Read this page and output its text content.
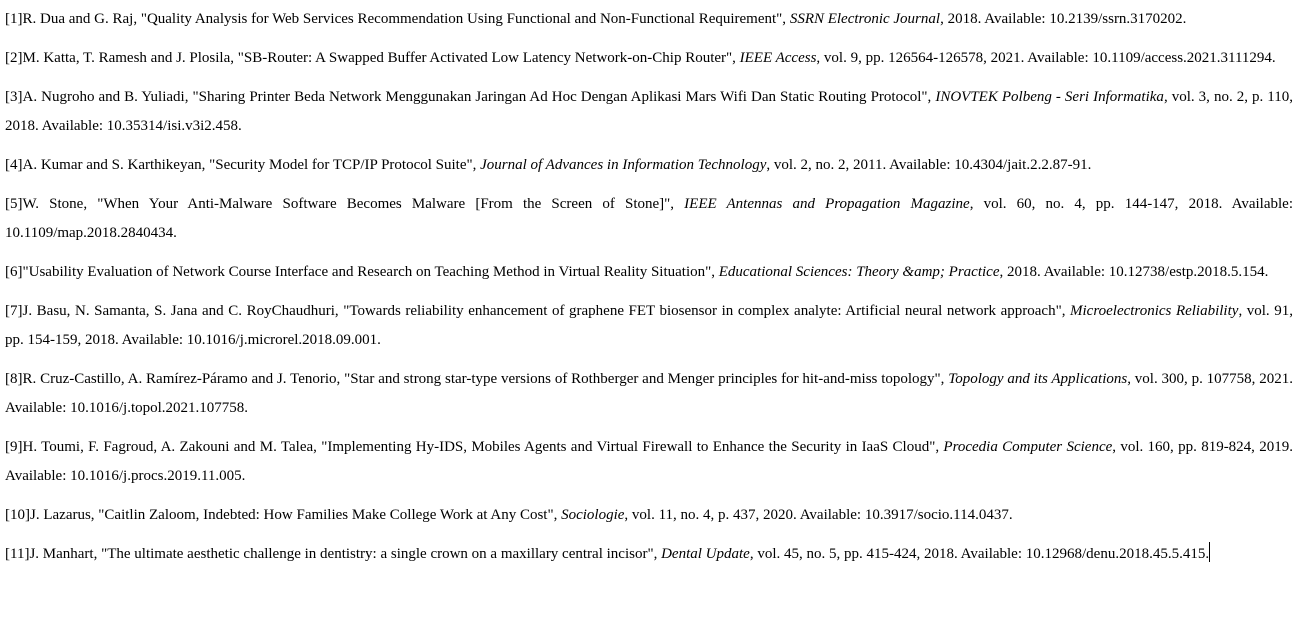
[1]R. Dua and G. Raj, "Quality Analysis for Web Services Recommendation Using Functional and Non-Functional Requirement", SSRN Electronic Journal, 2018. Available: 10.2139/ssrn.3170202.

[2]M. Katta, T. Ramesh and J. Plosila, "SB-Router: A Swapped Buffer Activated Low Latency Network-on-Chip Router", IEEE Access, vol. 9, pp. 126564-126578, 2021. Available: 10.1109/access.2021.3111294.

[3]A. Nugroho and B. Yuliadi, "Sharing Printer Beda Network Menggunakan Jaringan Ad Hoc Dengan Aplikasi Mars Wifi Dan Static Routing Protocol", INOVTEK Polbeng - Seri Informatika, vol. 3, no. 2, p. 110, 2018. Available: 10.35314/isi.v3i2.458.

[4]A. Kumar and S. Karthikeyan, "Security Model for TCP/IP Protocol Suite", Journal of Advances in Information Technology, vol. 2, no. 2, 2011. Available: 10.4304/jait.2.2.87-91.

[5]W. Stone, "When Your Anti-Malware Software Becomes Malware [From the Screen of Stone]", IEEE Antennas and Propagation Magazine, vol. 60, no. 4, pp. 144-147, 2018. Available: 10.1109/map.2018.2840434.

[6]"Usability Evaluation of Network Course Interface and Research on Teaching Method in Virtual Reality Situation", Educational Sciences: Theory &amp; Practice, 2018. Available: 10.12738/estp.2018.5.154.

[7]J. Basu, N. Samanta, S. Jana and C. RoyChaudhuri, "Towards reliability enhancement of graphene FET biosensor in complex analyte: Artificial neural network approach", Microelectronics Reliability, vol. 91, pp. 154-159, 2018. Available: 10.1016/j.microrel.2018.09.001.

[8]R. Cruz-Castillo, A. Ramírez-Páramo and J. Tenorio, "Star and strong star-type versions of Rothberger and Menger principles for hit-and-miss topology", Topology and its Applications, vol. 300, p. 107758, 2021. Available: 10.1016/j.topol.2021.107758.

[9]H. Toumi, F. Fagroud, A. Zakouni and M. Talea, "Implementing Hy-IDS, Mobiles Agents and Virtual Firewall to Enhance the Security in IaaS Cloud", Procedia Computer Science, vol. 160, pp. 819-824, 2019. Available: 10.1016/j.procs.2019.11.005.

[10]J. Lazarus, "Caitlin Zaloom, Indebted: How Families Make College Work at Any Cost", Sociologie, vol. 11, no. 4, p. 437, 2020. Available: 10.3917/socio.114.0437.

[11]J. Manhart, "The ultimate aesthetic challenge in dentistry: a single crown on a maxillary central incisor", Dental Update, vol. 45, no. 5, pp. 415-424, 2018. Available: 10.12968/denu.2018.45.5.415.
